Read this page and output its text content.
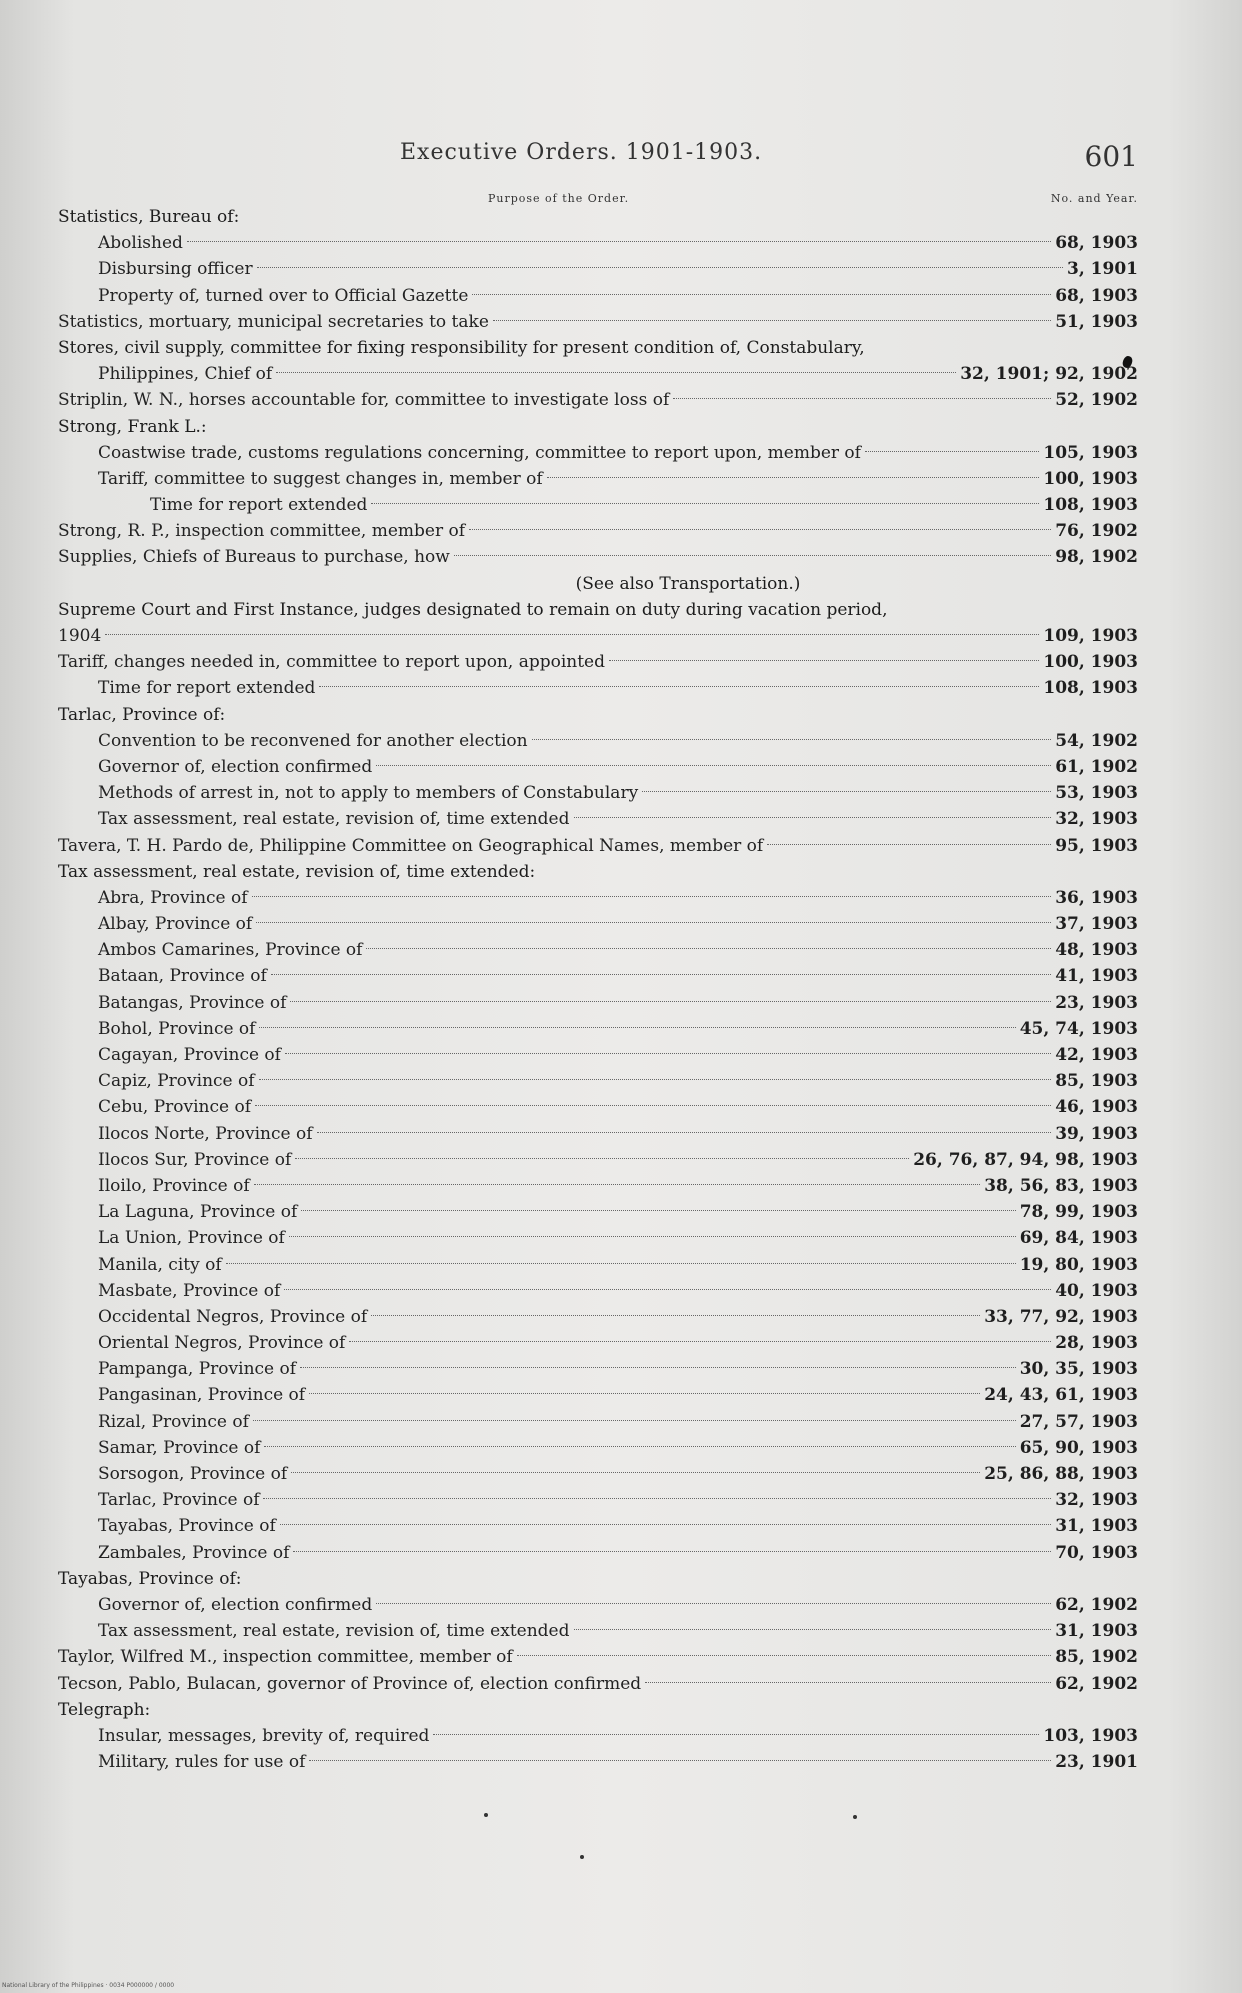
Executive Orders. 1901-1903.	601
Purpose of the Order.	No. and Year.
Statistics, Bureau of:
Abolished	68, 1903
Disbursing officer	3, 1901
Property of, turned over to Official Gazette	68, 1903
Statistics, mortuary, municipal secretaries to take	51, 1903
Stores, civil supply, committee for fixing responsibility for present condition of, Constabulary,
Philippines, Chief of	32, 1901; 92, 1902
Striplin, W. N., horses accountable for, committee to investigate loss of	52, 1902
Strong, Frank L.:
Coastwise trade, customs regulations concerning, committee to report upon, member of	105, 1903
Tariff, committee to suggest changes in, member of	100, 1903
Time for report extended	108, 1903
Strong, R. P., inspection committee, member of	76, 1902
Supplies, Chiefs of Bureaus to purchase, how	98, 1902
(See also Transportation.)
Supreme Court and First Instance, judges designated to remain on duty during vacation period,
1904	109, 1903
Tariff, changes needed in, committee to report upon, appointed	100, 1903
Time for report extended	108, 1903
Tarlac, Province of:
Convention to be reconvened for another election	54, 1902
Governor of, election confirmed	61, 1902
Methods of arrest in, not to apply to members of Constabulary	53, 1903
Tax assessment, real estate, revision of, time extended	32, 1903
Tavera, T. H. Pardo de, Philippine Committee on Geographical Names, member of	95, 1903
Tax assessment, real estate, revision of, time extended:
Abra, Province of	36, 1903
Albay, Province of	37, 1903
Ambos Camarines, Province of	48, 1903
Bataan, Province of	41, 1903
Batangas, Province of	23, 1903
Bohol, Province of	45, 74, 1903
Cagayan, Province of	42, 1903
Capiz, Province of	85, 1903
Cebu, Province of	46, 1903
Ilocos Norte, Province of	39, 1903
Ilocos Sur, Province of	26, 76, 87, 94, 98, 1903
Iloilo, Province of	38, 56, 83, 1903
La Laguna, Province of	78, 99, 1903
La Union, Province of	69, 84, 1903
Manila, city of	19, 80, 1903
Masbate, Province of	40, 1903
Occidental Negros, Province of	33, 77, 92, 1903
Oriental Negros, Province of	28, 1903
Pampanga, Province of	30, 35, 1903
Pangasinan, Province of	24, 43, 61, 1903
Rizal, Province of	27, 57, 1903
Samar, Province of	65, 90, 1903
Sorsogon, Province of	25, 86, 88, 1903
Tarlac, Province of	32, 1903
Tayabas, Province of	31, 1903
Zambales, Province of	70, 1903
Tayabas, Province of:
Governor of, election confirmed	62, 1902
Tax assessment, real estate, revision of, time extended	31, 1903
Taylor, Wilfred M., inspection committee, member of	85, 1902
Tecson, Pablo, Bulacan, governor of Province of, election confirmed	62, 1902
Telegraph:
Insular, messages, brevity of, required	103, 1903
Military, rules for use of	23, 1901
National Library of the Philippines · 0034 P000000 / 0000
